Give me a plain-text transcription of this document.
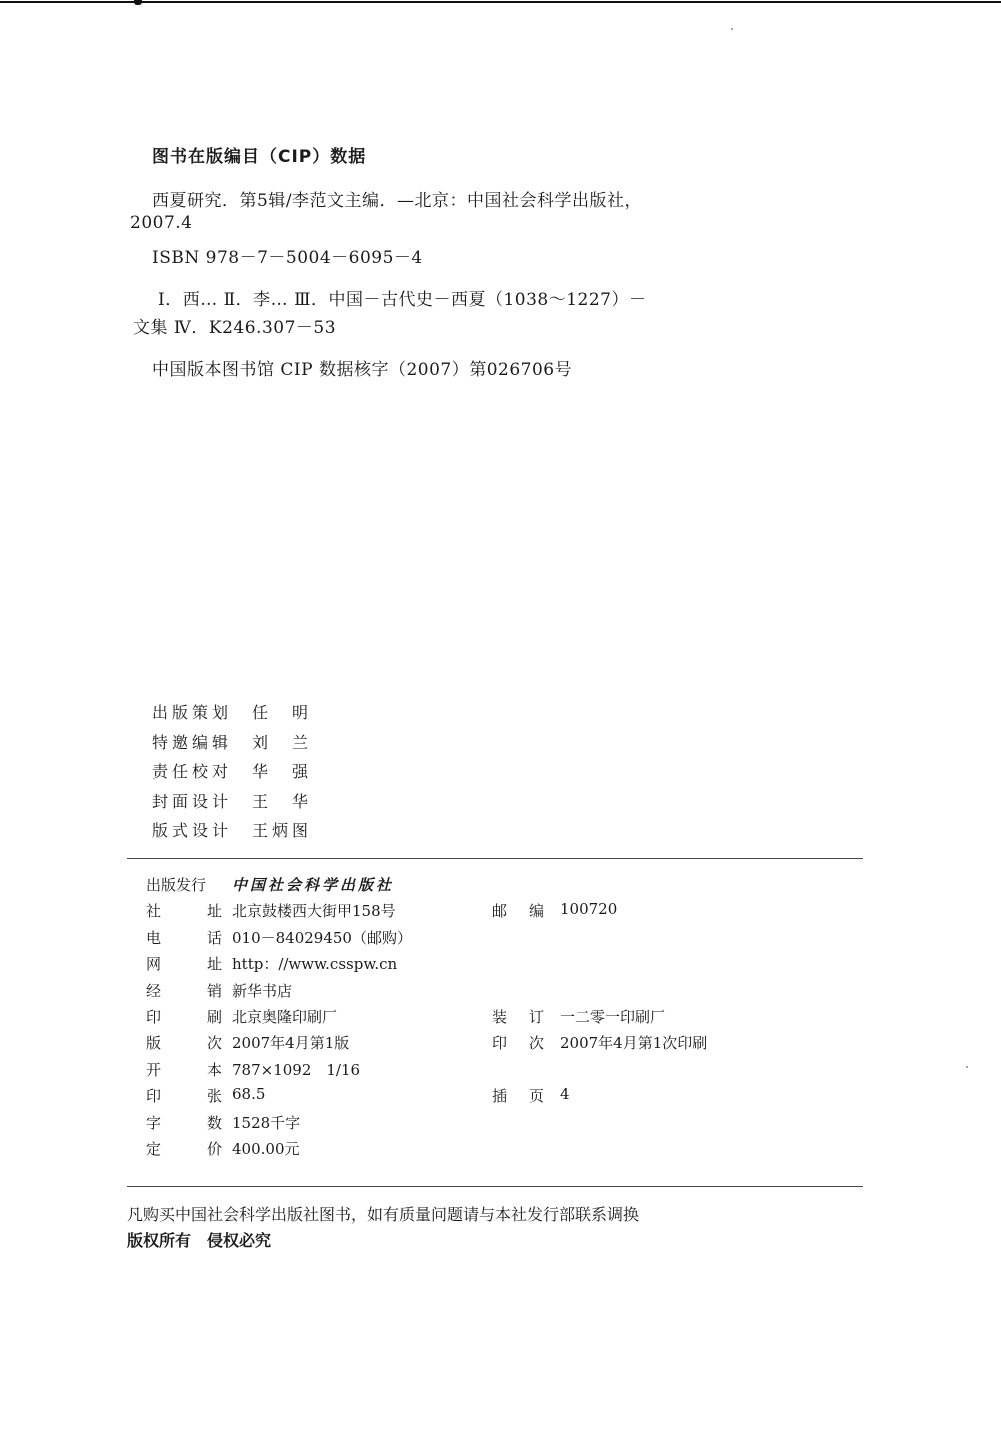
图书在版编目（CIP）数据
西夏研究．第5辑/李范文主编．—北京：中国社会科学出版社，
2007.4
ISBN 978－7－5004－6095－4
Ⅰ．西… Ⅱ．李… Ⅲ．中国－古代史－西夏（1038～1227）－
文集 Ⅳ．K246.307－53
中国版本图书馆 CIP 数据核字（2007）第026706号
出版策划	任　明
特邀编辑	刘　兰
责任校对	华　强
封面设计	王　华
版式设计	王炳图
出版发行	中国社会科学出版社
社	址 北京鼓楼西大街甲158号	邮 编 100720
电	话 010－84029450（邮购）
网	址 http：//www.csspw.cn
经	销 新华书店
印	刷 北京奥隆印刷厂	装 订 一二零一印刷厂
版	次 2007年4月第1版	印 次 2007年4月第1次印刷
开	本 787×1092　1/16
印	张 68.5	插 页 4
字	数 1528千字
定	价 400.00元
凡购买中国社会科学出版社图书，如有质量问题请与本社发行部联系调换
版权所有　侵权必究
